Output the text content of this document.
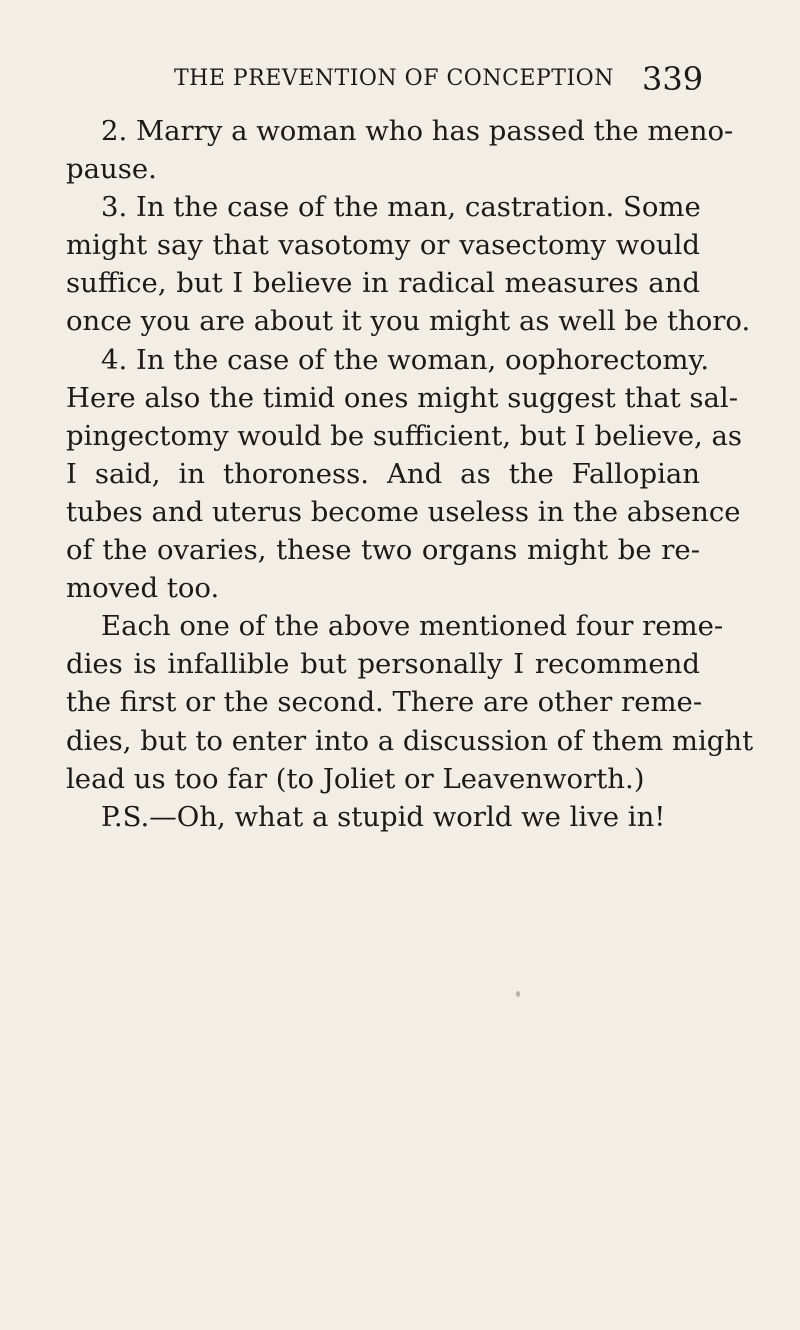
THE PREVENTION OF CONCEPTION 339
2. Marry a woman who has passed the meno-
pause.
3. In the case of the man, castration. Some
might say that vasotomy or vasectomy would
suffice, but I believe in radical measures and
once you are about it you might as well be thoro.
4. In the case of the woman, oophorectomy.
Here also the timid ones might suggest that sal-
pingectomy would be sufficient, but I believe, as
I said, in thoroness. And as the Fallopian
tubes and uterus become useless in the absence
of the ovaries, these two organs might be re-
moved too.
Each one of the above mentioned four reme-
dies is infallible but personally I recommend
the first or the second. There are other reme-
dies, but to enter into a discussion of them might
lead us too far (to Joliet or Leavenworth.)
P.S.—Oh, what a stupid world we live in!
